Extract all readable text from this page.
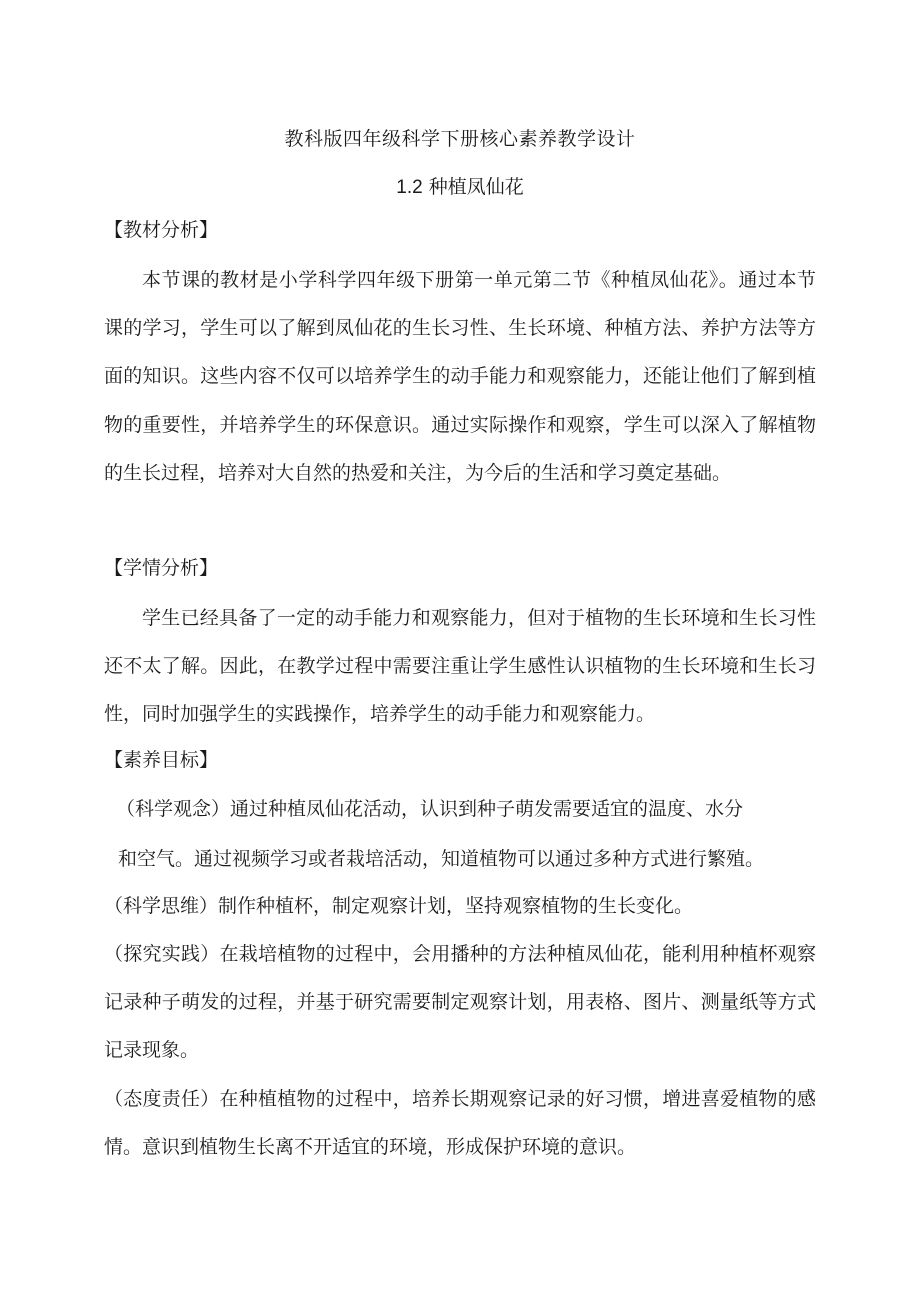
教科版四年级科学下册核心素养教学设计
1.2 种植凤仙花
【教材分析】
本节课的教材是小学科学四年级下册第一单元第二节《种植凤仙花》。通过本节课的学习，学生可以了解到凤仙花的生长习性、生长环境、种植方法、养护方法等方面的知识。这些内容不仅可以培养学生的动手能力和观察能力，还能让他们了解到植物的重要性，并培养学生的环保意识。通过实际操作和观察，学生可以深入了解植物的生长过程，培养对大自然的热爱和关注，为今后的生活和学习奠定基础。
【学情分析】
学生已经具备了一定的动手能力和观察能力，但对于植物的生长环境和生长习性还不太了解。因此，在教学过程中需要注重让学生感性认识植物的生长环境和生长习性，同时加强学生的实践操作，培养学生的动手能力和观察能力。
【素养目标】
（科学观念）通过种植凤仙花活动，认识到种子萌发需要适宜的温度、水分
和空气。通过视频学习或者栽培活动，知道植物可以通过多种方式进行繁殖。
（科学思维）制作种植杯，制定观察计划，坚持观察植物的生长变化。
（探究实践）在栽培植物的过程中，会用播种的方法种植凤仙花，能利用种植杯观察记录种子萌发的过程，并基于研究需要制定观察计划，用表格、图片、测量纸等方式记录现象。
（态度责任）在种植植物的过程中，培养长期观察记录的好习惯，增进喜爱植物的感情。意识到植物生长离不开适宜的环境，形成保护环境的意识。
